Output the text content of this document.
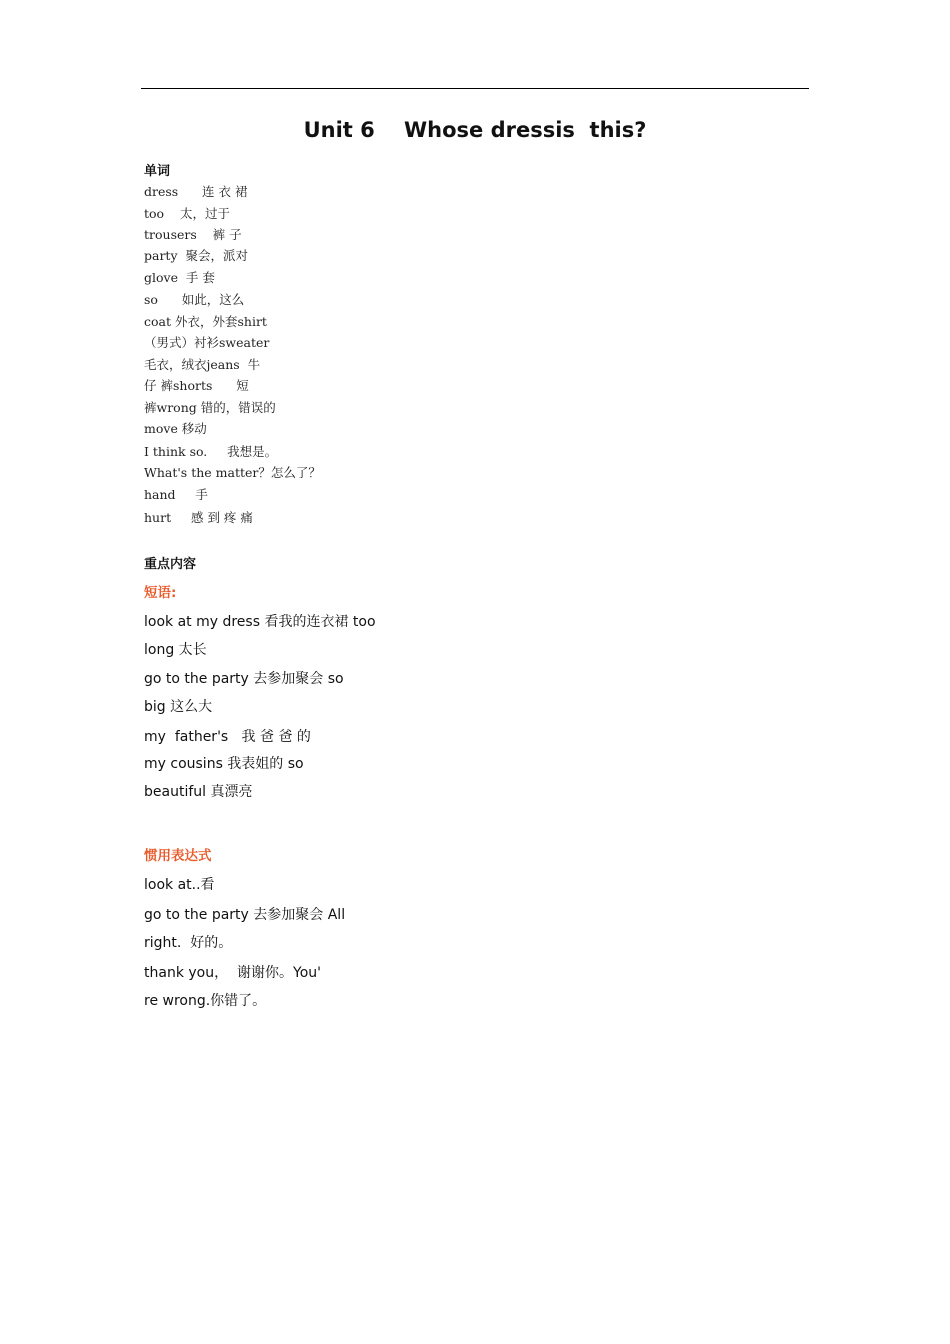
Unit 6    Whose dressis  this?
单词
dress      连 衣 裙
too    太，过于
trousers    裤 子
party  聚会，派对
glove  手 套
so      如此，这么
coat 外衣，外套shirt
（男式）衬衫sweater
毛衣，绒衣jeans  牛
仔 裤shorts      短
裤wrong 错的，错误的
move 移动
I think so.     我想是。
What's the matter？怎么了？
hand     手
hurt     感 到 疼 痛
重点内容
短语:
look at my dress 看我的连衣裙 too
long 太长
go to the party 去参加聚会 so
big 这么大
my  father's   我 爸 爸 的
my cousins 我表姐的 so
beautiful 真漂亮
惯用表达式
look at..看
go to the party 去参加聚会 All
right.  好的。
thank you，  谢谢你。You'
re wrong.你错了。
